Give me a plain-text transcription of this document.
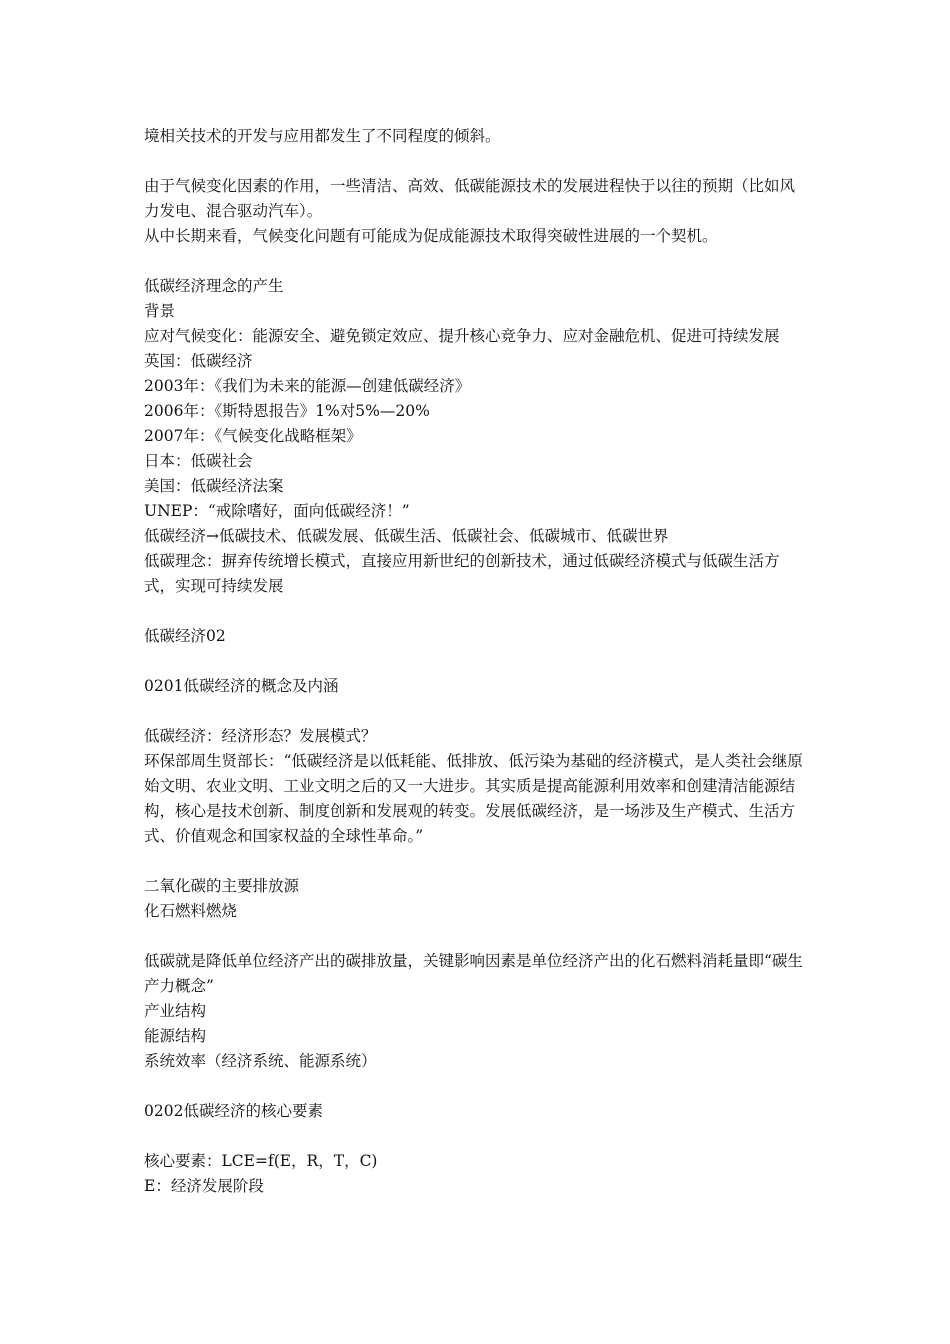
境相关技术的开发与应用都发生了不同程度的倾斜。
由于气候变化因素的作用，一些清洁、高效、低碳能源技术的发展进程快于以往的预期（比如风力发电、混合驱动汽车）。
从中长期来看，气候变化问题有可能成为促成能源技术取得突破性进展的一个契机。
低碳经济理念的产生
背景
应对气候变化：能源安全、避免锁定效应、提升核心竞争力、应对金融危机、促进可持续发展
英国：低碳经济
2003年：《我们为未来的能源—创建低碳经济》
2006年：《斯特恩报告》1%对5%—20%
2007年：《气候变化战略框架》
日本：低碳社会
美国：低碳经济法案
UNEP：“戒除嗜好，面向低碳经济！”
低碳经济→低碳技术、低碳发展、低碳生活、低碳社会、低碳城市、低碳世界
低碳理念：摒弃传统增长模式，直接应用新世纪的创新技术，通过低碳经济模式与低碳生活方式，实现可持续发展
低碳经济02
0201低碳经济的概念及内涵
低碳经济：经济形态？发展模式？
环保部周生贤部长：“低碳经济是以低耗能、低排放、低污染为基础的经济模式，是人类社会继原始文明、农业文明、工业文明之后的又一大进步。其实质是提高能源利用效率和创建清洁能源结构，核心是技术创新、制度创新和发展观的转变。发展低碳经济，是一场涉及生产模式、生活方式、价值观念和国家权益的全球性革命。”
二氧化碳的主要排放源
化石燃料燃烧
低碳就是降低单位经济产出的碳排放量，关键影响因素是单位经济产出的化石燃料消耗量即“碳生产力概念”
产业结构
能源结构
系统效率（经济系统、能源系统）
0202低碳经济的核心要素
核心要素：LCE=f(E，R，T，C)
E：经济发展阶段
